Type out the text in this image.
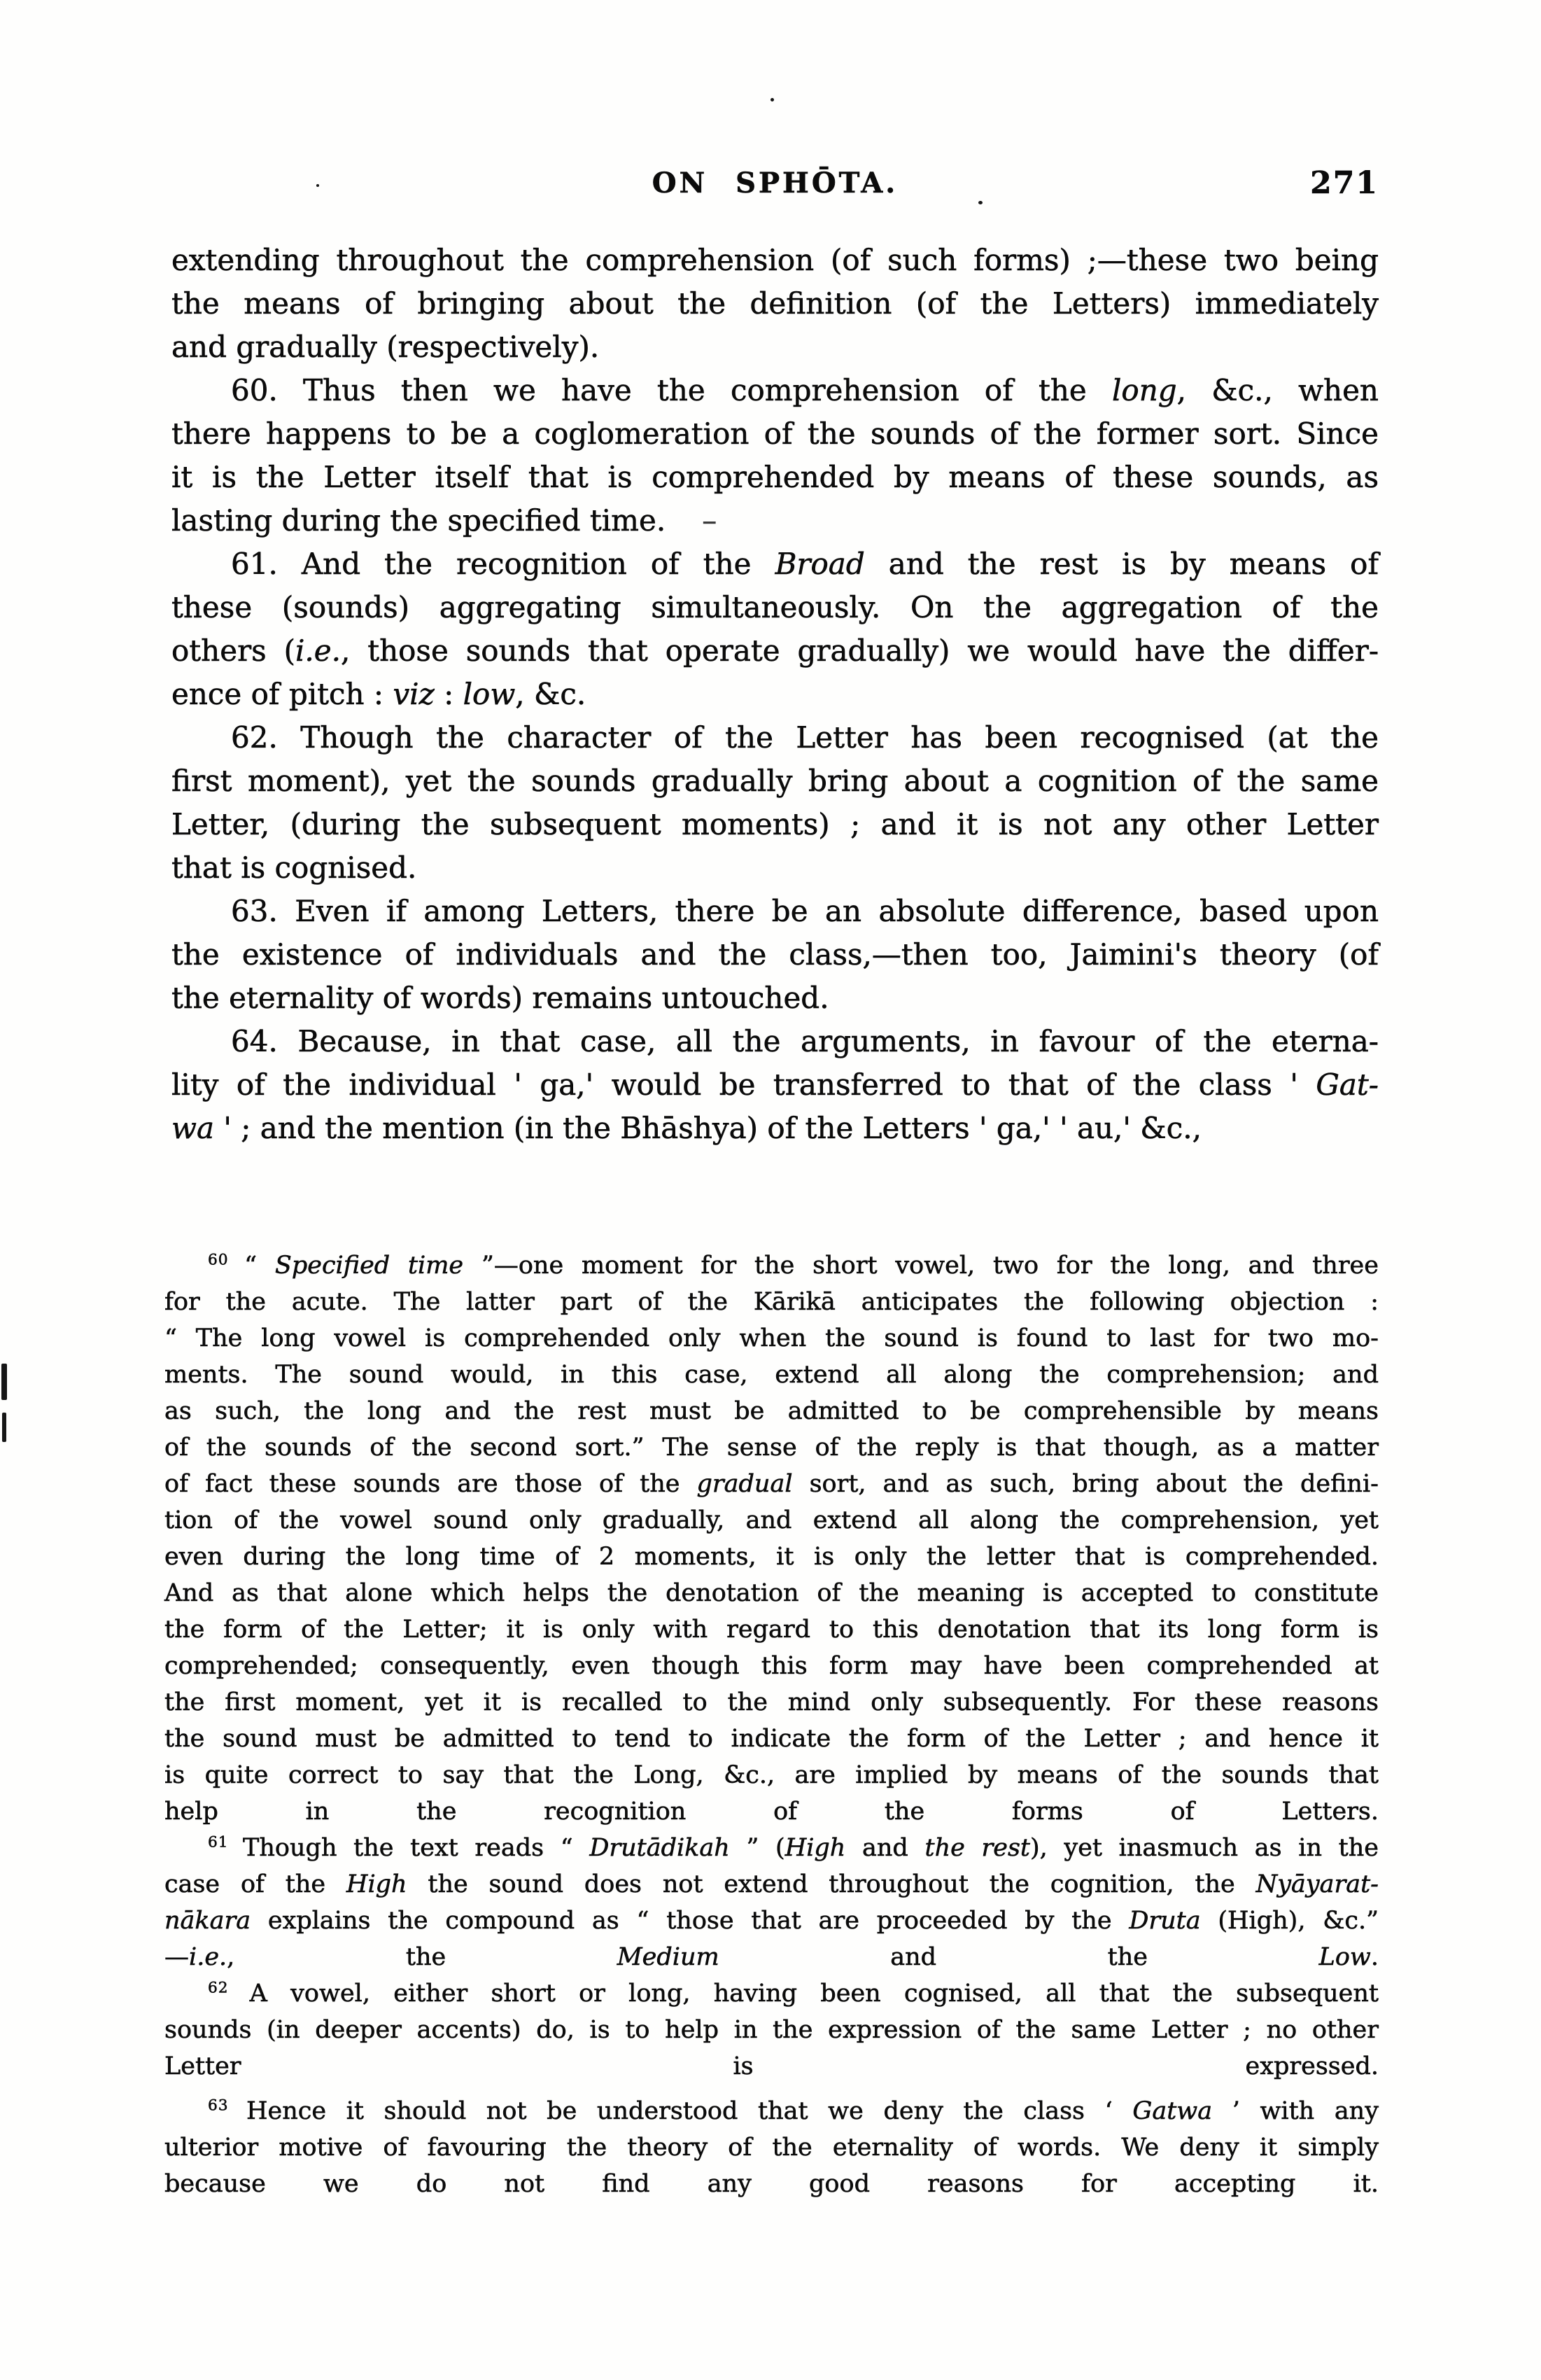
ON SPHŌTA.	271
extending throughout the comprehension (of such forms) ;—these two being
the means of bringing about the definition (of the Letters) immediately
and gradually (respectively).
60. Thus then we have the comprehension of the long, &c., when
there happens to be a coglomeration of the sounds of the former sort. Since
it is the Letter itself that is comprehended by means of these sounds, as
lasting during the specified time. –
61. And the recognition of the Broad and the rest is by means of
these (sounds) aggregating simultaneously. On the aggregation of the
others (i.e., those sounds that operate gradually) we would have the differ-
ence of pitch : viz : low, &c.
62. Though the character of the Letter has been recognised (at the
first moment), yet the sounds gradually bring about a cognition of the same
Letter, (during the subsequent moments) ; and it is not any other Letter
that is cognised.
63. Even if among Letters, there be an absolute difference, based upon
the existence of individuals and the class,—then too, Jaimini's theory (of
the eternality of words) remains untouched.
64. Because, in that case, all the arguments, in favour of the eterna-
lity of the individual ' ga,' would be transferred to that of the class ' Gat-
wa ' ; and the mention (in the Bhāshya) of the Letters ' ga,' ' au,' &c.,
$^{60}$ “ Specified time ”—one moment for the short vowel, two for the long, and three
for the acute. The latter part of the Kārikā anticipates the following objection :
“ The long vowel is comprehended only when the sound is found to last for two mo-
ments. The sound would, in this case, extend all along the comprehension; and
as such, the long and the rest must be admitted to be comprehensible by means
of the sounds of the second sort.” The sense of the reply is that though, as a matter
of fact these sounds are those of the gradual sort, and as such, bring about the defini-
tion of the vowel sound only gradually, and extend all along the comprehension, yet
even during the long time of 2 moments, it is only the letter that is comprehended.
And as that alone which helps the denotation of the meaning is accepted to constitute
the form of the Letter; it is only with regard to this denotation that its long form is
comprehended; consequently, even though this form may have been comprehended at
the first moment, yet it is recalled to the mind only subsequently. For these reasons
the sound must be admitted to tend to indicate the form of the Letter ; and hence it
is quite correct to say that the Long, &c., are implied by means of the sounds that
help in the recognition of the forms of Letters.
$^{61}$ Though the text reads “ Drutādikah ” (High and the rest), yet inasmuch as in the
case of the High the sound does not extend throughout the cognition, the Nyāyarat-
nākara explains the compound as “ those that are proceeded by the Druta (High), &c.”
—i.e., the Medium and the Low.
$^{62}$ A vowel, either short or long, having been cognised, all that the subsequent
sounds (in deeper accents) do, is to help in the expression of the same Letter ; no other
Letter is expressed.
$^{63}$ Hence it should not be understood that we deny the class ‘ Gatwa ’ with any
ulterior motive of favouring the theory of the eternality of words. We deny it simply
because we do not find any good reasons for accepting it.
